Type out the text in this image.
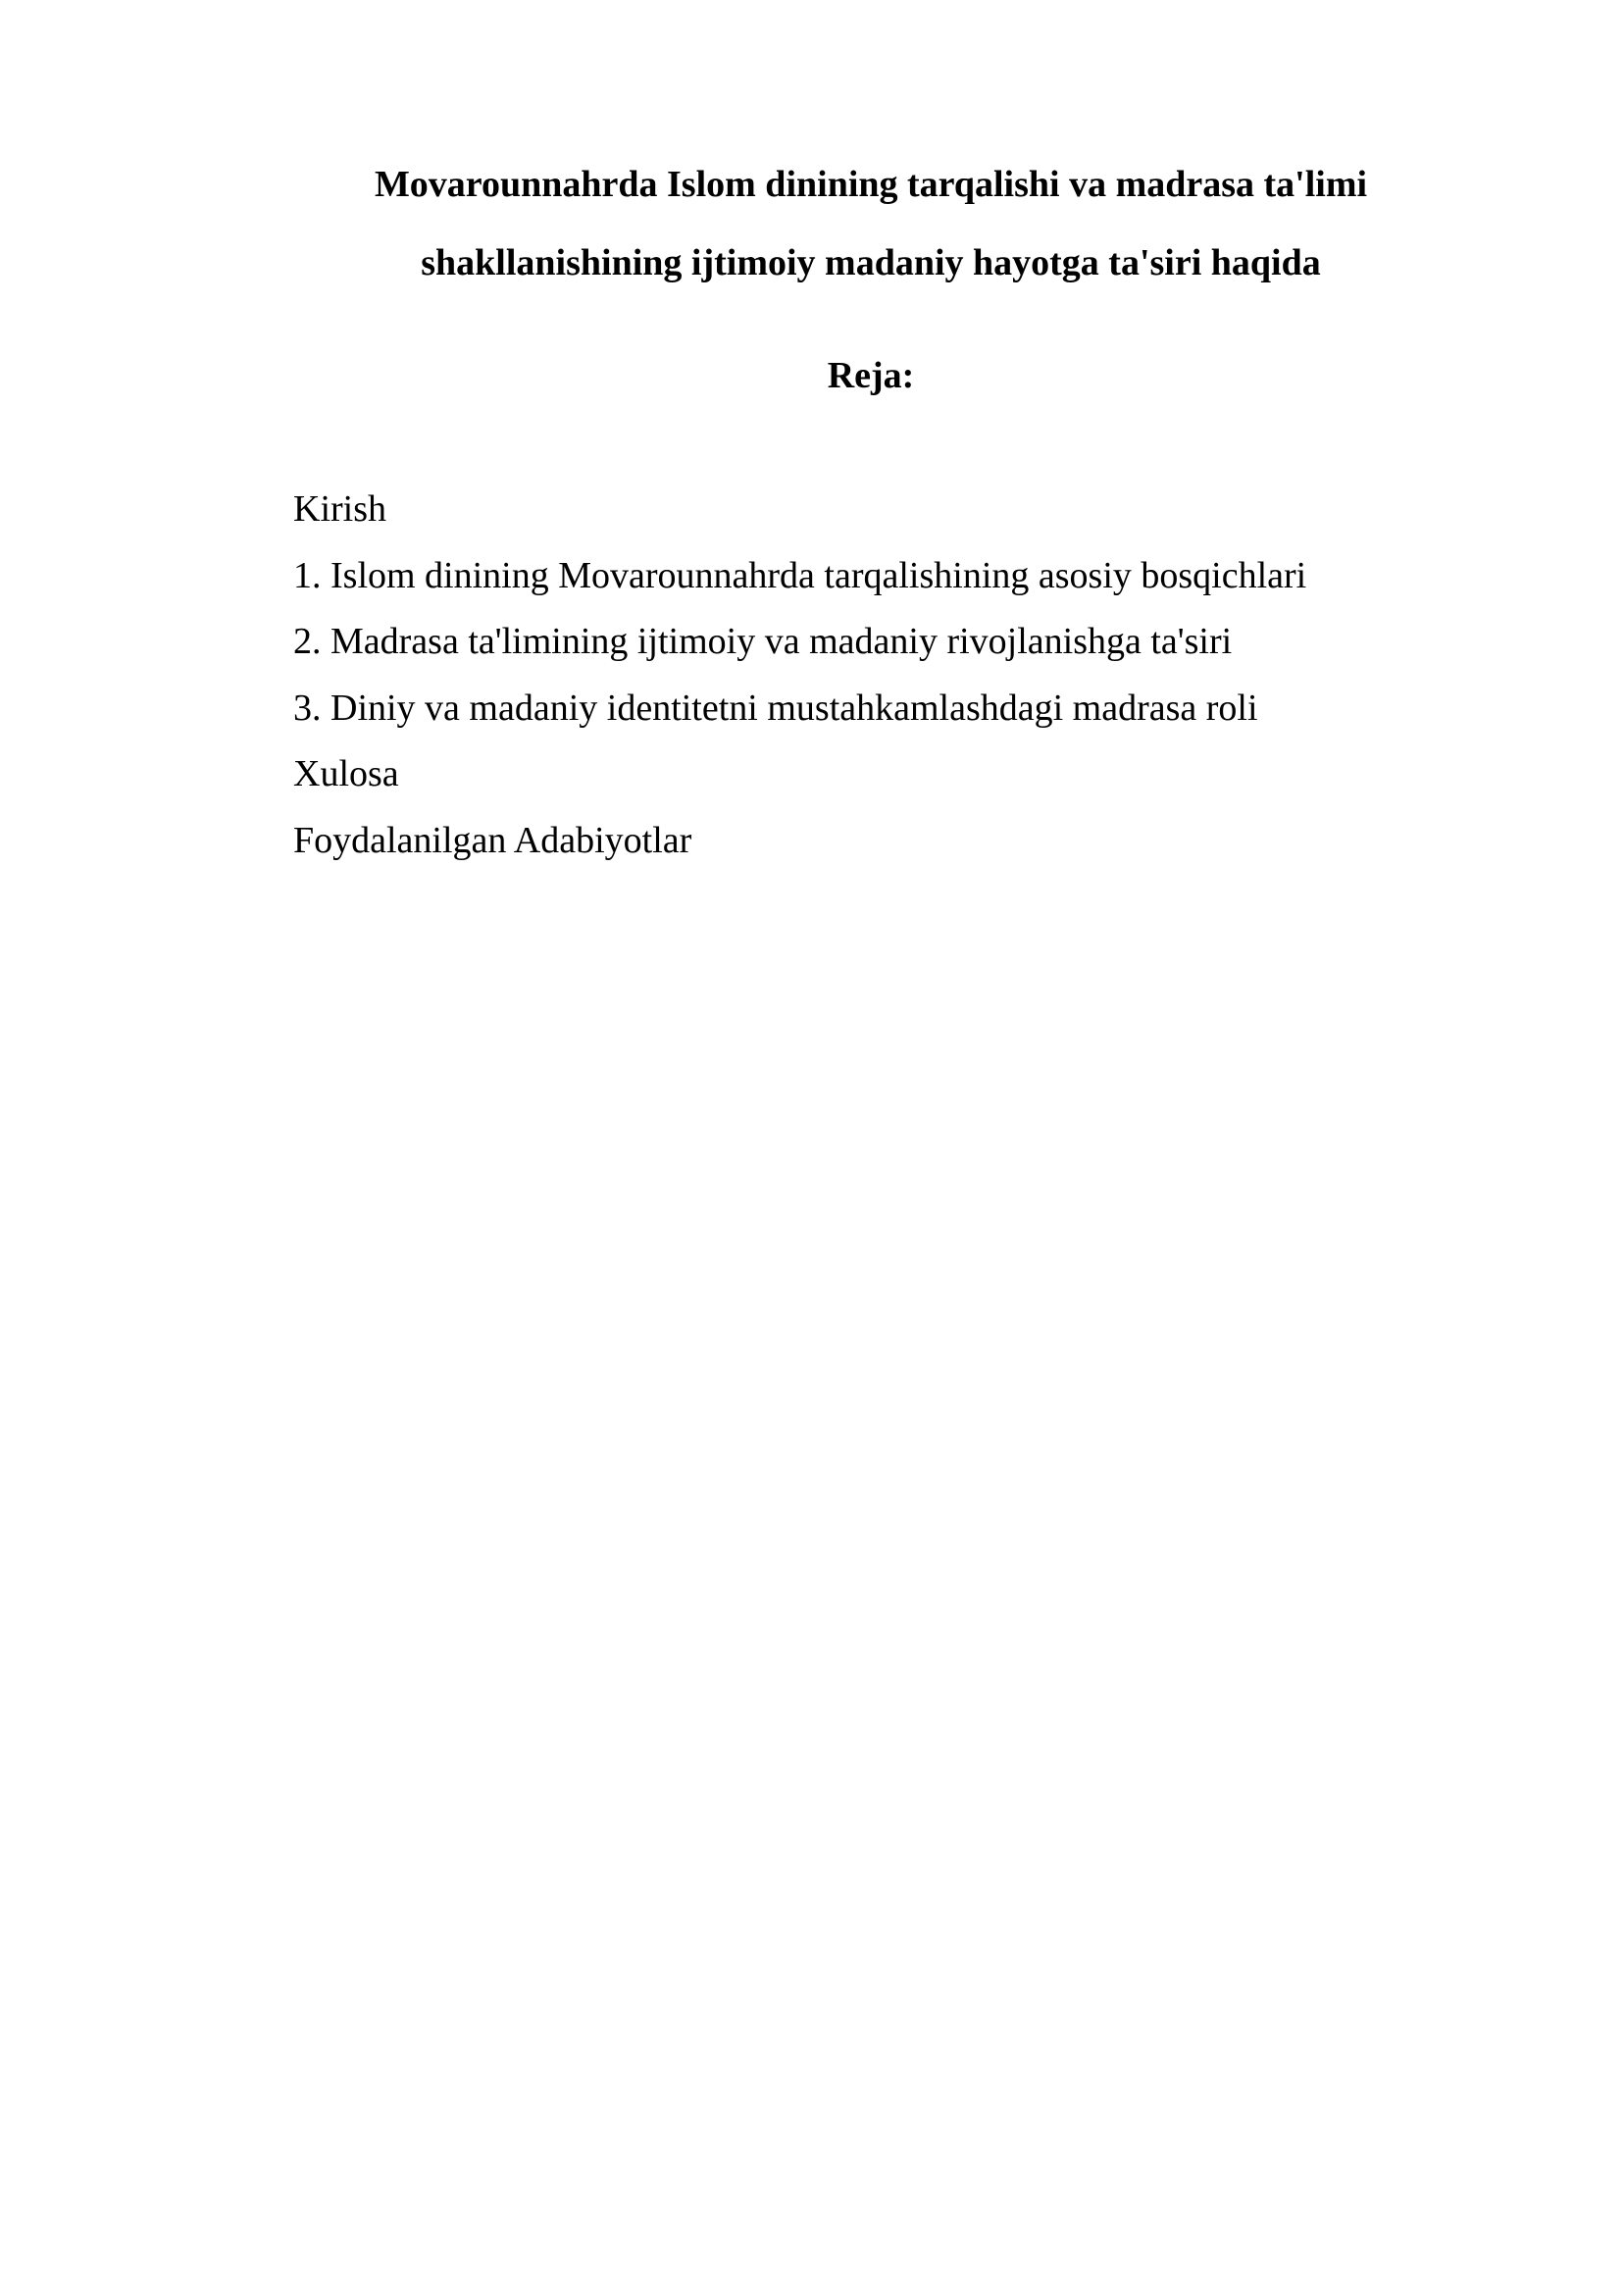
Movarounnahrda Islom dinining tarqalishi va madrasa ta'limi
shakllanishining ijtimoiy madaniy hayotga ta'siri haqida
Reja:
Kirish
1. Islom dinining Movarounnahrda tarqalishining asosiy bosqichlari
2. Madrasa ta'limining ijtimoiy va madaniy rivojlanishga ta'siri
3. Diniy va madaniy identitetni mustahkamlashdagi madrasa roli
Xulosa
Foydalanilgan Adabiyotlar
